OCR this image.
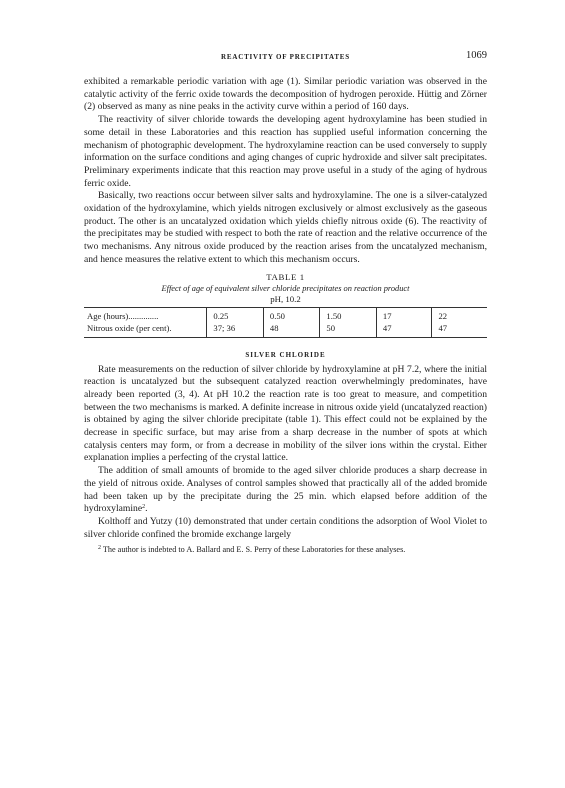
REACTIVITY OF PRECIPITATES	1069

exhibited a remarkable periodic variation with age (1). Similar periodic variation was observed in the catalytic activity of the ferric oxide towards the decomposition of hydrogen peroxide. Hüttig and Zörner (2) observed as many as nine peaks in the activity curve within a period of 160 days.

The reactivity of silver chloride towards the developing agent hydroxylamine has been studied in some detail in these Laboratories and this reaction has supplied useful information concerning the mechanism of photographic development. The hydroxylamine reaction can be used conversely to supply information on the surface conditions and aging changes of cupric hydroxide and silver salt precipitates. Preliminary experiments indicate that this reaction may prove useful in a study of the aging of hydrous ferric oxide.

Basically, two reactions occur between silver salts and hydroxylamine. The one is a silver-catalyzed oxidation of the hydroxylamine, which yields nitrogen exclusively or almost exclusively as the gaseous product. The other is an uncatalyzed oxidation which yields chiefly nitrous oxide (6). The reactivity of the precipitates may be studied with respect to both the rate of reaction and the relative occurrence of the two mechanisms. Any nitrous oxide produced by the reaction arises from the uncatalyzed mechanism, and hence measures the relative extent to which this mechanism occurs.

TABLE 1
Effect of age of equivalent silver chloride precipitates on reaction product
pH, 10.2
Age (hours)..............	0.25	0.50	1.50	17	22
Nitrous oxide (per cent).	37; 36	48	50	47	47
SILVER CHLORIDE

Rate measurements on the reduction of silver chloride by hydroxylamine at pH 7.2, where the initial reaction is uncatalyzed but the subsequent catalyzed reaction overwhelmingly predominates, have already been reported (3, 4). At pH 10.2 the reaction rate is too great to measure, and competition between the two mechanisms is marked. A definite increase in nitrous oxide yield (uncatalyzed reaction) is obtained by aging the silver chloride precipitate (table 1). This effect could not be explained by the decrease in specific surface, but may arise from a sharp decrease in the number of spots at which catalysis centers may form, or from a decrease in mobility of the silver ions within the crystal. Either explanation implies a perfecting of the crystal lattice.

The addition of small amounts of bromide to the aged silver chloride produces a sharp decrease in the yield of nitrous oxide. Analyses of control samples showed that practically all of the added bromide had been taken up by the precipitate during the 25 min. which elapsed before addition of the hydroxylamine$^2$.

Kolthoff and Yutzy (10) demonstrated that under certain conditions the adsorption of Wool Violet to silver chloride confined the bromide exchange largely

$^2$ The author is indebted to A. Ballard and E. S. Perry of these Laboratories for these analyses.
